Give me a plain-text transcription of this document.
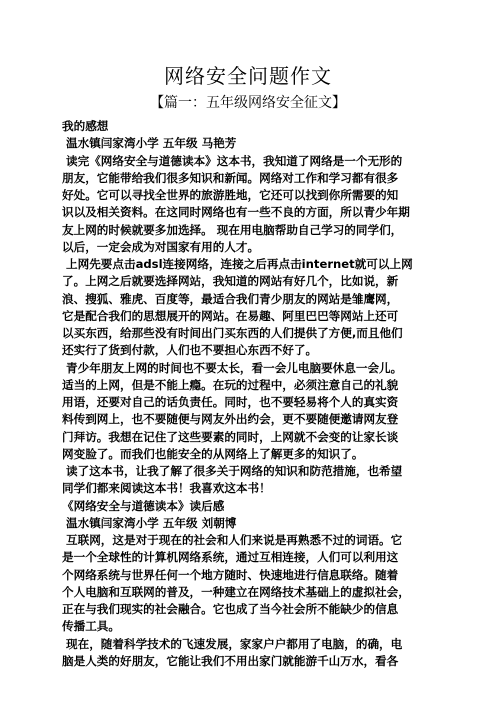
网络安全问题作文
【篇一：五年级网络安全征文】
我的感想
温水镇闫家湾小学 五年级 马艳芳
读完《网络安全与道德读本》这本书，我知道了网络是一个无形的
朋友，它能带给我们很多知识和新闻。网络对工作和学习都有很多
好处。它可以寻找全世界的旅游胜地，它还可以找到你所需要的知
识以及相关资料。在这同时网络也有一些不良的方面，所以青少年期
友上网的时候就要多加选择。 现在用电脑帮助自己学习的同学们，
以后，一定会成为对国家有用的人才。
上网先要点击adsl连接网络，连接之后再点击internet就可以上网
了。上网之后就要选择网站，我知道的网站有好几个，比如说，新
浪、搜狐、雅虎、百度等，最适合我们青少朋友的网站是雏鹰网，
它是配合我们的思想展开的网站。在易趣、阿里巴巴等网站上还可
以买东西，给那些没有时间出门买东西的人们提供了方便,而且他们
还实行了货到付款，人们也不要担心东西不好了。
青少年朋友上网的时间也不要太长，看一会儿电脑要休息一会儿。
适当的上网，但是不能上瘾。在玩的过程中，必须注意自己的礼貌
用语，还要对自己的话负责任。同时，也不要轻易将个人的真实资
料传到网上，也不要随便与网友外出约会，更不要随便邀请网友登
门拜访。我想在记住了这些要素的同时，上网就不会变的让家长谈
网变脸了。而我们也能安全的从网络上了解更多的知识了。
读了这本书，让我了解了很多关于网络的知识和防范措施，也希望
同学们都来阅读这本书！我喜欢这本书！
《网络安全与道德读本》读后感
温水镇闫家湾小学 五年级 刘朝博
互联网，这是对于现在的社会和人们来说是再熟悉不过的词语。它
是一个全球性的计算机网络系统，通过互相连接，人们可以利用这
个网络系统与世界任何一个地方随时、快速地进行信息联络。随着
个人电脑和互联网的普及，一种建立在网络技术基础上的虚拟社会，
正在与我们现实的社会融合。它也成了当今社会所不能缺少的信息
传播工具。
现在，随着科学技术的飞速发展，家家户户都用了电脑，的确，电
脑是人类的好朋友，它能让我们不用出家门就能游千山万水，看各
